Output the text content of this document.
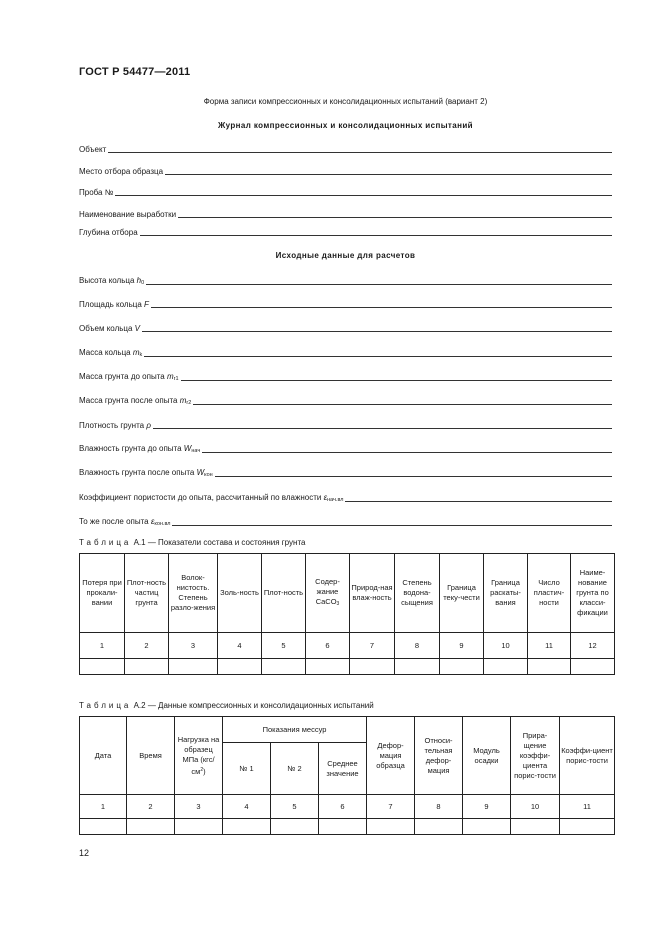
ГОСТ Р 54477—2011
Форма записи компрессионных и консолидационных испытаний (вариант 2)
Журнал компрессионных и консолидационных испытаний
Объект
Место отбора образца
Проба №
Наименование выработки
Глубина отбора
Исходные данные для расчетов
Высота кольца $h_0$
Площадь кольца F
Объем кольца V
Масса кольца $m_k$
Масса грунта до опыта $m_{r1}$
Масса грунта после опыта $m_{r2}$
Плотность грунта ρ
Влажность грунта до опыта $W_{нач}$
Влажность грунта после опыта $W_{кон}$
Коэффициент пористости до опыта, рассчитанный по влажности $\varepsilon_{нач.вл}$
То же после опыта $\varepsilon_{кон.вл}$
Таблица А.1 — Показатели состава и состояния грунта
Потеря при прокали-вании	Плот-ность частиц грунта	Волок-нистость. Степень разло-жения	Золь-ность	Плот-ность	Содер-жание CaCO$_3$	Природ-ная влаж-ность	Степень водона-сыщения	Граница теку-чести	Граница раскаты-вания	Число пластич-ности	Наиме-нование грунта по класси-фикации
1	2	3	4	5	6	7	8	9	10	11	12

Таблица А.2 — Данные компрессионных и консолидационных испытаний
Дата	Время	Нагрузка на образец МПа $(кгс/см^2)$	Показания мессур			Дефор-мация образца	Относи-тельная дефор-мация	Модуль осадки	Прира-щение коэффи-циента порис-тости	Коэффи-циент порис-тости
			№ 1	№ 2	Среднее значение					
1	2	3	4	5	6	7	8	9	10	11

12
